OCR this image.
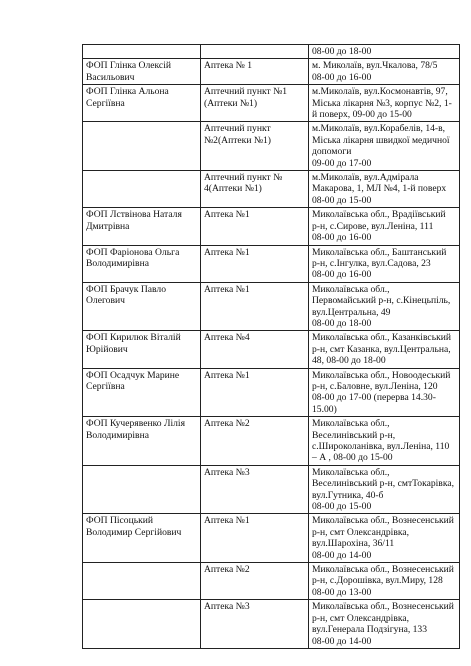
		08-00 до 18-00

ФОП Глінка Олексій
Васильович	Аптека № 1	м. Миколаїв, вул.Чкалова, 78/5
08-00 до 16-00

ФОП Глінка Альона
Сергіївна	Аптечний пункт №1
(Аптеки №1)	м.Миколаїв, вул.Космонавтів, 97,
Міська лікарня №3, корпус №2, 1-
й поверх, 09-00 до 15-00

	Аптечний пункт
№2(Аптеки №1)	м.Миколаїв, вул.Корабелів, 14-в,
Міська лікарня швидкої медичної
допомоги
09-00 до 17-00

	Аптечний пункт №
4(Аптеки №1)	м.Миколаїв, вул.Адмірала
Макарова, 1, МЛ №4, 1-й поверх
08-00 до 15-00

ФОП Лствінова Наталя
Дмитрівна	Аптека №1	Миколаївська обл., Врадіївський
р-н, с.Сирове, вул.Леніна, 111
08-00 до 16-00

ФОП Фаріонова Ольга
Володимирівна	Аптека №1	Миколаївська обл., Баштанський
р-н, с.Інгулка, вул.Садова, 23
08-00 до 16-00

ФОП Брачук Павло
Олегович	Аптека №1	Миколаївська обл.,
Первомайський р-н, с.Кінецьпіль,
вул.Центральна, 49
08-00 до 18-00

ФОП Кирилюк Віталій
Юрійович	Аптека №4	Миколаївська обл., Казанківський
р-н, смт Казанка, вул.Центральна,
48, 08-00 до 18-00

ФОП Осадчук Марине
Сергіївна	Аптека №1	Миколаївська обл., Новоодеський
р-н, с.Баловне, вул.Леніна, 120
08-00 до 17-00 (перерва 14.30-
15.00)

ФОП Кучерявенко Лілія
Володимирівна	Аптека №2	Миколаївська обл.,
Веселинівський р-н,
с.Широколанівка, вул.Леніна, 110
– А , 08-00 до 15-00

	Аптека №3	Миколаївська обл.,
Веселинівський р-н, смтТокарівка,
вул.Гутника, 40-б
08-00 до 15-00

ФОП Пісоцький
Володимир Сергійович	Аптека №1	Миколаївська обл., Вознесенський
р-н, смт Олександрівка,
вул.Шарохіна, 36/11
08-00 до 14-00

	Аптека №2	Миколаївська обл., Вознесенський
р-н, с.Дорошівка, вул.Миру, 128
08-00 до 13-00

	Аптека №3	Миколаївська обл., Вознесенський
р-н, смт Олександрівка,
вул.Генерала Подзігуна, 133
08-00 до 14-00
